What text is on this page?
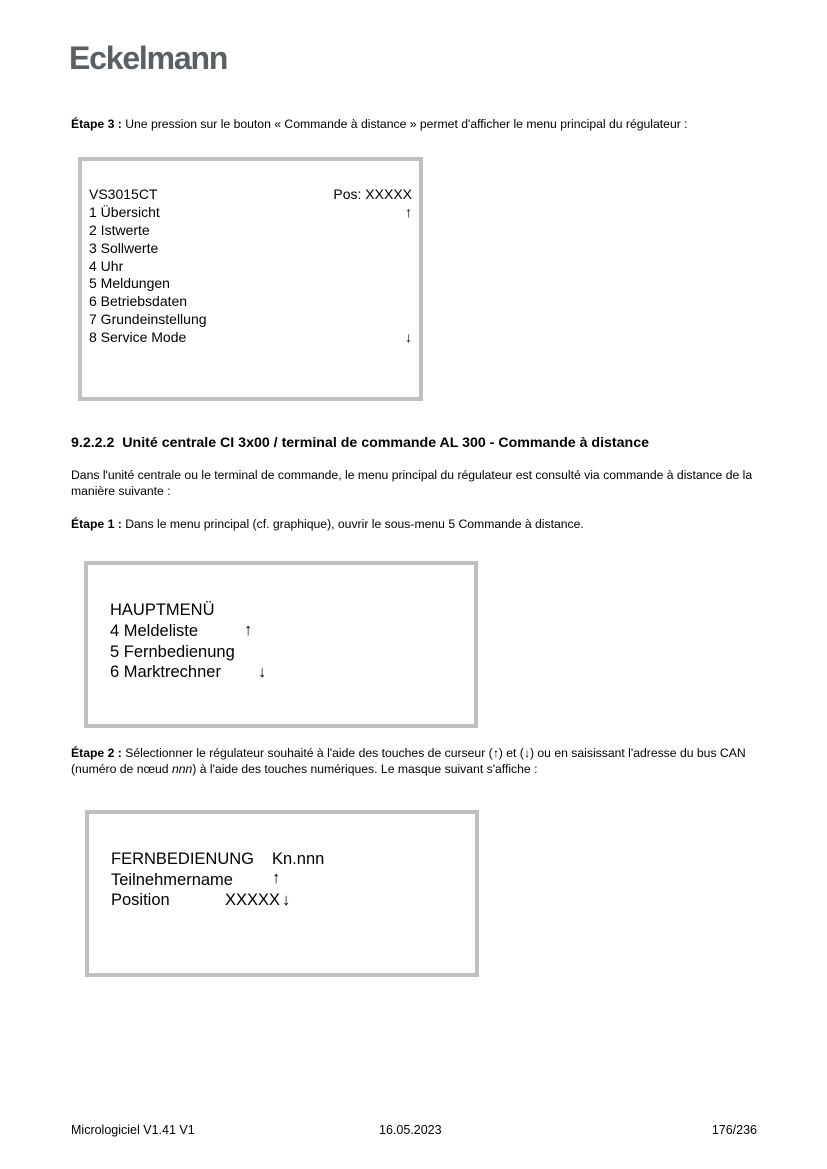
Eckelmann
Étape 3 : Une pression sur le bouton « Commande à distance » permet d'afficher le menu principal du régulateur :
VS3015CT	Pos: XXXXX
↑
1 Übersicht
2 Istwerte
3 Sollwerte
4 Uhr
5 Meldungen
6 Betriebsdaten
7 Grundeinstellung
8 Service Mode	↓
9.2.2.2 Unité centrale CI 3x00 / terminal de commande AL 300 - Commande à distance
Dans l'unité centrale ou le terminal de commande, le menu principal du régulateur est consulté via commande à distance de la manière suivante :
Étape 1 : Dans le menu principal (cf. graphique), ouvrir le sous-menu 5 Commande à distance.
HAUPTMENÜ
4 Meldeliste	↑
5 Fernbedienung
6 Marktrechner ↓
Étape 2 : Sélectionner le régulateur souhaité à l'aide des touches de curseur (↑) et (↓) ou en saisissant l'adresse du bus CAN (numéro de nœud nnn) à l'aide des touches numériques. Le masque suivant s'affiche :
FERNBEDIENUNG Kn.nnn
Teilnehmername ↑
Position	XXXXX ↓
Micrologiciel V1.41 V1	16.05.2023	176/236
